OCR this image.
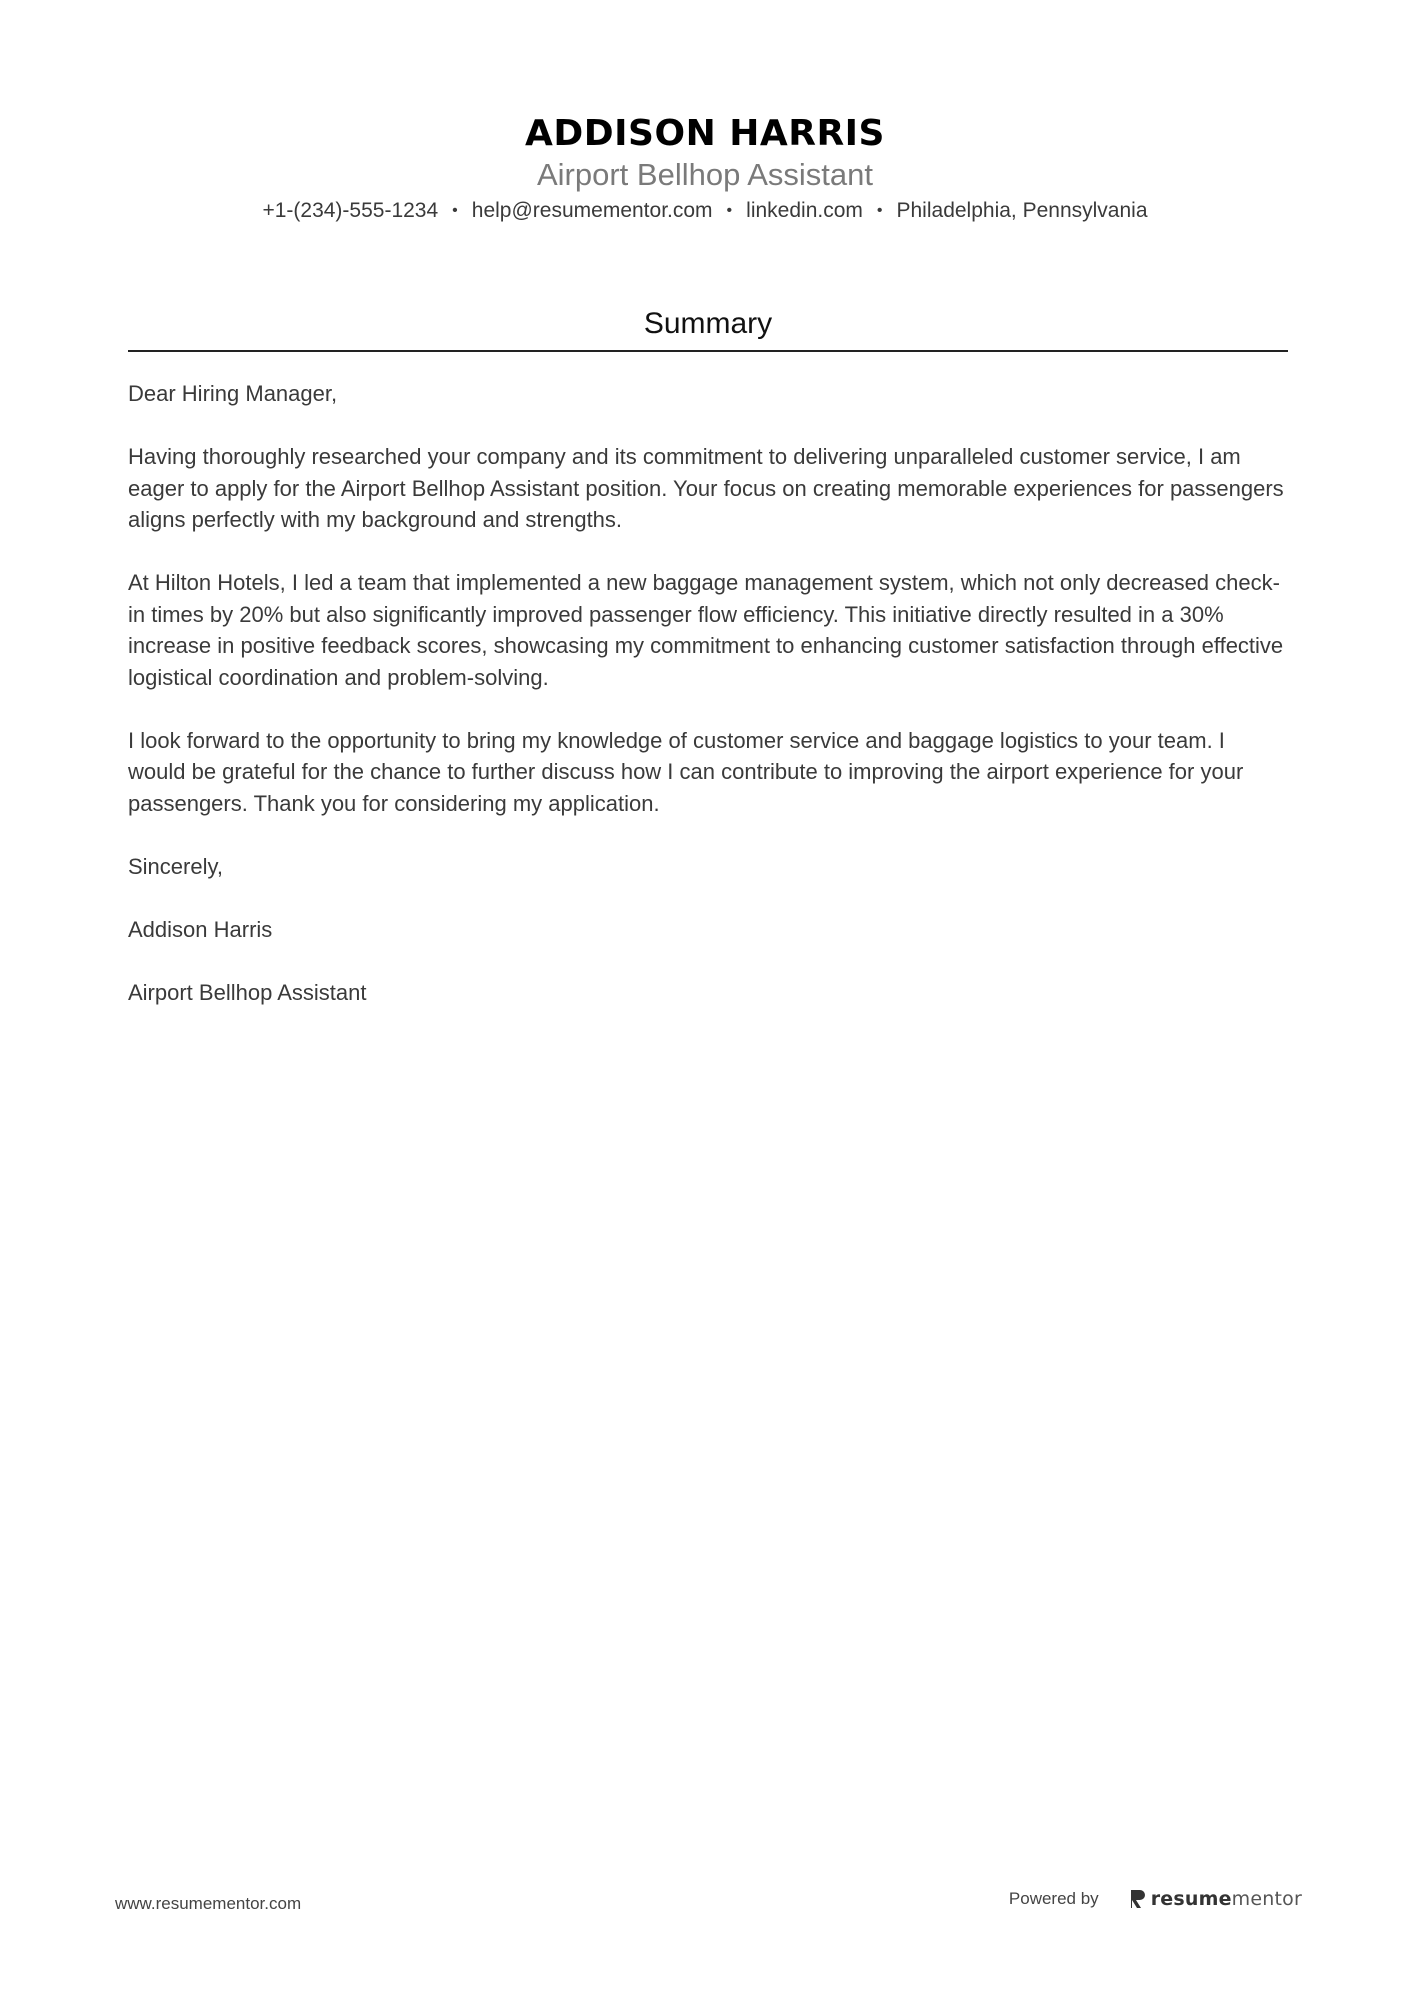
ADDISON HARRIS
Airport Bellhop Assistant
+1-(234)-555-1234 • help@resumementor.com • linkedin.com • Philadelphia, Pennsylvania
Summary

Dear Hiring Manager,

Having thoroughly researched your company and its commitment to delivering unparalleled customer service, I am eager to apply for the Airport Bellhop Assistant position. Your focus on creating memorable experiences for passengers aligns perfectly with my background and strengths.

At Hilton Hotels, I led a team that implemented a new baggage management system, which not only decreased check-in times by 20% but also significantly improved passenger flow efficiency. This initiative directly resulted in a 30% increase in positive feedback scores, showcasing my commitment to enhancing customer satisfaction through effective logistical coordination and problem-solving.

I look forward to the opportunity to bring my knowledge of customer service and baggage logistics to your team. I would be grateful for the chance to further discuss how I can contribute to improving the airport experience for your passengers. Thank you for considering my application.

Sincerely,

Addison Harris

Airport Bellhop Assistant

www.resumementor.com	Powered by	resumementor
